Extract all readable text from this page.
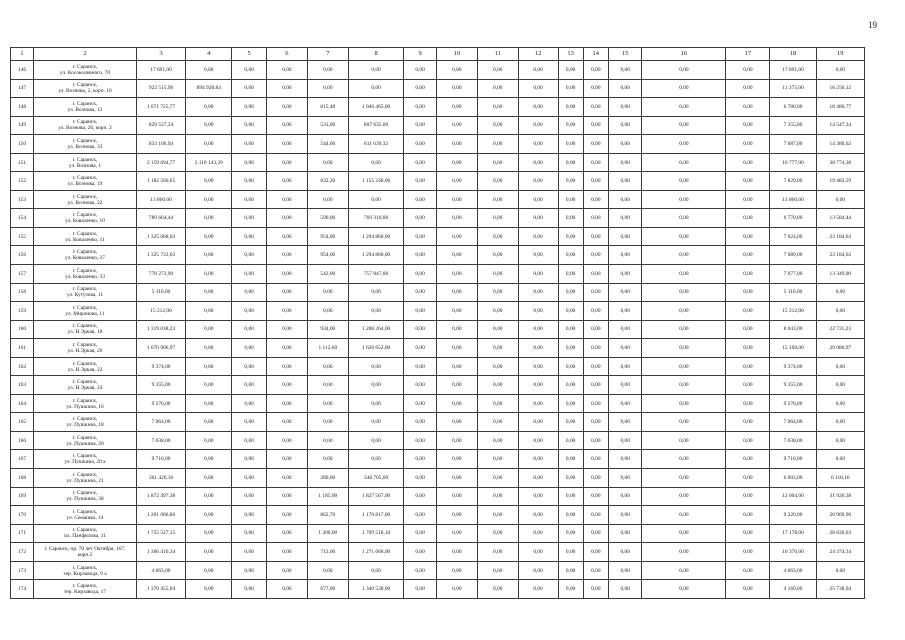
19
1	2	3	4	5	6	7	8	9	10	11	12	13	14	15	16	17	18	19
146	г. Саранск,
ул. Косоколевного, 70	17 691,00	0,00	0,00	0,00	0,00	0,00	0,00	0,00	0,00	0,00	0,00	0,00	0,00	0,00	0,00	17 691,00	0,00
147	г. Саранск,
ул. Вознова, 2, корп. 10	922 515,96	894 928,84	0,00	0,00	0,00	0,00	0,00	0,00	0,00	0,00	0,00	0,00	0,00	0,00	0,00	11 375,00	16 250,12
148	г. Саранск,
ул. Вознова, 13	1 071 725,77	0,00	0,00	0,00	815,48	1 046 465,00	0,00	0,00	0,00	0,00	0,00	0,00	0,00	0,00	0,00	6 780,00	18 480,77
149	г. Саранск,
ул. Вознова, 26, корп. 2	829 537,34	0,00	0,00	0,00	533,00	807 635,00	0,00	0,00	0,00	0,00	0,00	0,00	0,00	0,00	0,00	7 355,00	14 547,34
150	г. Саранск,
ул. Вознова, 33	833 106,94	0,00	0,00	0,00	544,00	811 639,32	0,00	0,00	0,00	0,00	0,00	0,00	0,00	0,00	0,00	7 087,00	14 380,62
151	г. Саранск,
ул. Вознова, 1	2 159 694,77	2 110 143,39	0,00	0,00	0,00	0,00	0,00	0,00	0,00	0,00	0,00	0,00	0,00	0,00	0,00	10 777,00	38 774,38
152	г. Саранск,
ул. Вознова, 19	1 182 560,65	0,00	0,00	0,00	832,20	1 155 248,06	0,00	0,00	0,00	0,00	0,00	0,00	0,00	0,00	0,00	7 829,00	19 482,59
153	г. Саранск,
ул. Вознова, 22	13 860,00	0,00	0,00	0,00	0,00	0,00	0,00	0,00	0,00	0,00	0,00	0,00	0,00	0,00	0,00	13 860,00	0,00
154	г. Саранск,
ул. Коваленко, 10	789 664,44	0,00	0,00	0,00	590,00	769 310,00	0,00	0,00	0,00	0,00	0,00	0,00	0,00	0,00	0,00	6 770,00	13 584,44
155	г. Саранск,
ул. Коваленко, 11	1 325 668,63	0,00	0,00	0,00	954,00	1 294 860,00	0,00	0,00	0,00	0,00	0,00	0,00	0,00	0,00	0,00	7 624,00	23 184,63
156	г. Саранск,
ул. Коваленко, 27	1 325 733,63	0,00	0,00	0,00	954,00	1 294 860,00	0,00	0,00	0,00	0,00	0,00	0,00	0,00	0,00	0,00	7 689,00	23 184,63
157	г. Саранск,
ул. Коваленко, 33	778 273,90	0,00	0,00	0,00	542,00	757 847,00	0,00	0,00	0,00	0,00	0,00	0,00	0,00	0,00	0,00	7 077,00	13 349,90
158	г. Саранск,
ул. Кутузова, 11	5 110,00	0,00	0,00	0,00	0,00	0,00	0,00	0,00	0,00	0,00	0,00	0,00	0,00	0,00	0,00	5 110,00	0,00
159	г. Саранск,
ул. Миронова, 11	15 212,00	0,00	0,00	0,00	0,00	0,00	0,00	0,00	0,00	0,00	0,00	0,00	0,00	0,00	0,00	15 212,00	0,00
160	г. Саранск,
ул. Н.Эркая, 18	1 319 038,23	0,00	0,00	0,00	934,00	1 288 264,00	0,00	0,00	0,00	0,00	0,00	0,00	0,00	0,00	0,00	8 043,00	22 731,23
161	г. Саранск,
ул. Н.Эркая, 20	1 670 906,97	0,00	0,00	0,00	1 112,60	1 626 652,00	0,00	0,00	0,00	0,00	0,00	0,00	0,00	0,00	0,00	15 168,00	29 086,97
162	г. Саранск,
ул. Н.Эркая, 22	9 374,00	0,00	0,00	0,00	0,00	0,00	0,00	0,00	0,00	0,00	0,00	0,00	0,00	0,00	0,00	9 374,00	0,00
163	г. Саранск,
ул. Н.Эркая, 24	9 355,00	0,00	0,00	0,00	0,00	0,00	0,00	0,00	0,00	0,00	0,00	0,00	0,00	0,00	0,00	9 355,00	0,00
164	г. Саранск,
ул. Пушкина, 16	9 276,00	0,00	0,00	0,00	0,00	0,00	0,00	0,00	0,00	0,00	0,00	0,00	0,00	0,00	0,00	9 276,00	0,00
165	г. Саранск,
ул. Пушкина, 18	7 064,00	0,00	0,00	0,00	0,00	0,00	0,00	0,00	0,00	0,00	0,00	0,00	0,00	0,00	0,00	7 064,00	0,00
166	г. Саранск,
ул. Пушкина, 20	7 038,00	0,00	0,00	0,00	0,00	0,00	0,00	0,00	0,00	0,00	0,00	0,00	0,00	0,00	0,00	7 038,00	0,00
167	г. Саранск,
ул. Пушкина, 20 а	9 716,00	0,00	0,00	0,00	0,00	0,00	0,00	0,00	0,00	0,00	0,00	0,00	0,00	0,00	0,00	9 716,00	0,00
168	г. Саранск,
ул. Пушкина, 21	361 426,16	0,00	0,00	0,00	280,00	348 705,00	0,00	0,00	0,00	0,00	0,00	0,00	0,00	0,00	0,00	6 603,00	6 118,16
169	г. Саранск,
ул. Пушкина, 38	1 872 497,38	0,00	0,00	0,00	1 185,00	1 827 567,00	0,00	0,00	0,00	0,00	0,00	0,00	0,00	0,00	0,00	12 604,00	31 926,38
170	г. Саранск,
ул. Семашко, 14	1 201 006,86	0,00	0,00	0,00	862,70	1 170 817,00	0,00	0,00	0,00	0,00	0,00	0,00	0,00	0,00	0,00	9 220,00	20 969,96
171	г. Саранск,
пл. Панфилова, 11	1 755 527,15	0,00	0,00	0,00	1 200,00	1 709 518,10	0,00	0,00	0,00	0,00	0,00	0,00	0,00	0,00	0,00	17 178,00	28 830,03
172	г. Саранск, пр. 70 лет Октября, 167,
корп.2	1 306 410,34	0,00	0,00	0,00	713,00	1 271 666,00	0,00	0,00	0,00	0,00	0,00	0,00	0,00	0,00	0,00	10 370,00	24 374,34
173	г. Саранск,
тер. Кирзавода, 9 а	4 063,00	0,00	0,00	0,00	0,00	0,00	0,00	0,00	0,00	0,00	0,00	0,00	0,00	0,00	0,00	4 063,00	0,00
174	г. Саранск,
тер. Кирзавода, 17	1 370 455,04	0,00	0,00	0,00	677,00	1 340 528,00	0,00	0,00	0,00	0,00	0,00	0,00	0,00	0,00	0,00	4 169,00	25 738,04
